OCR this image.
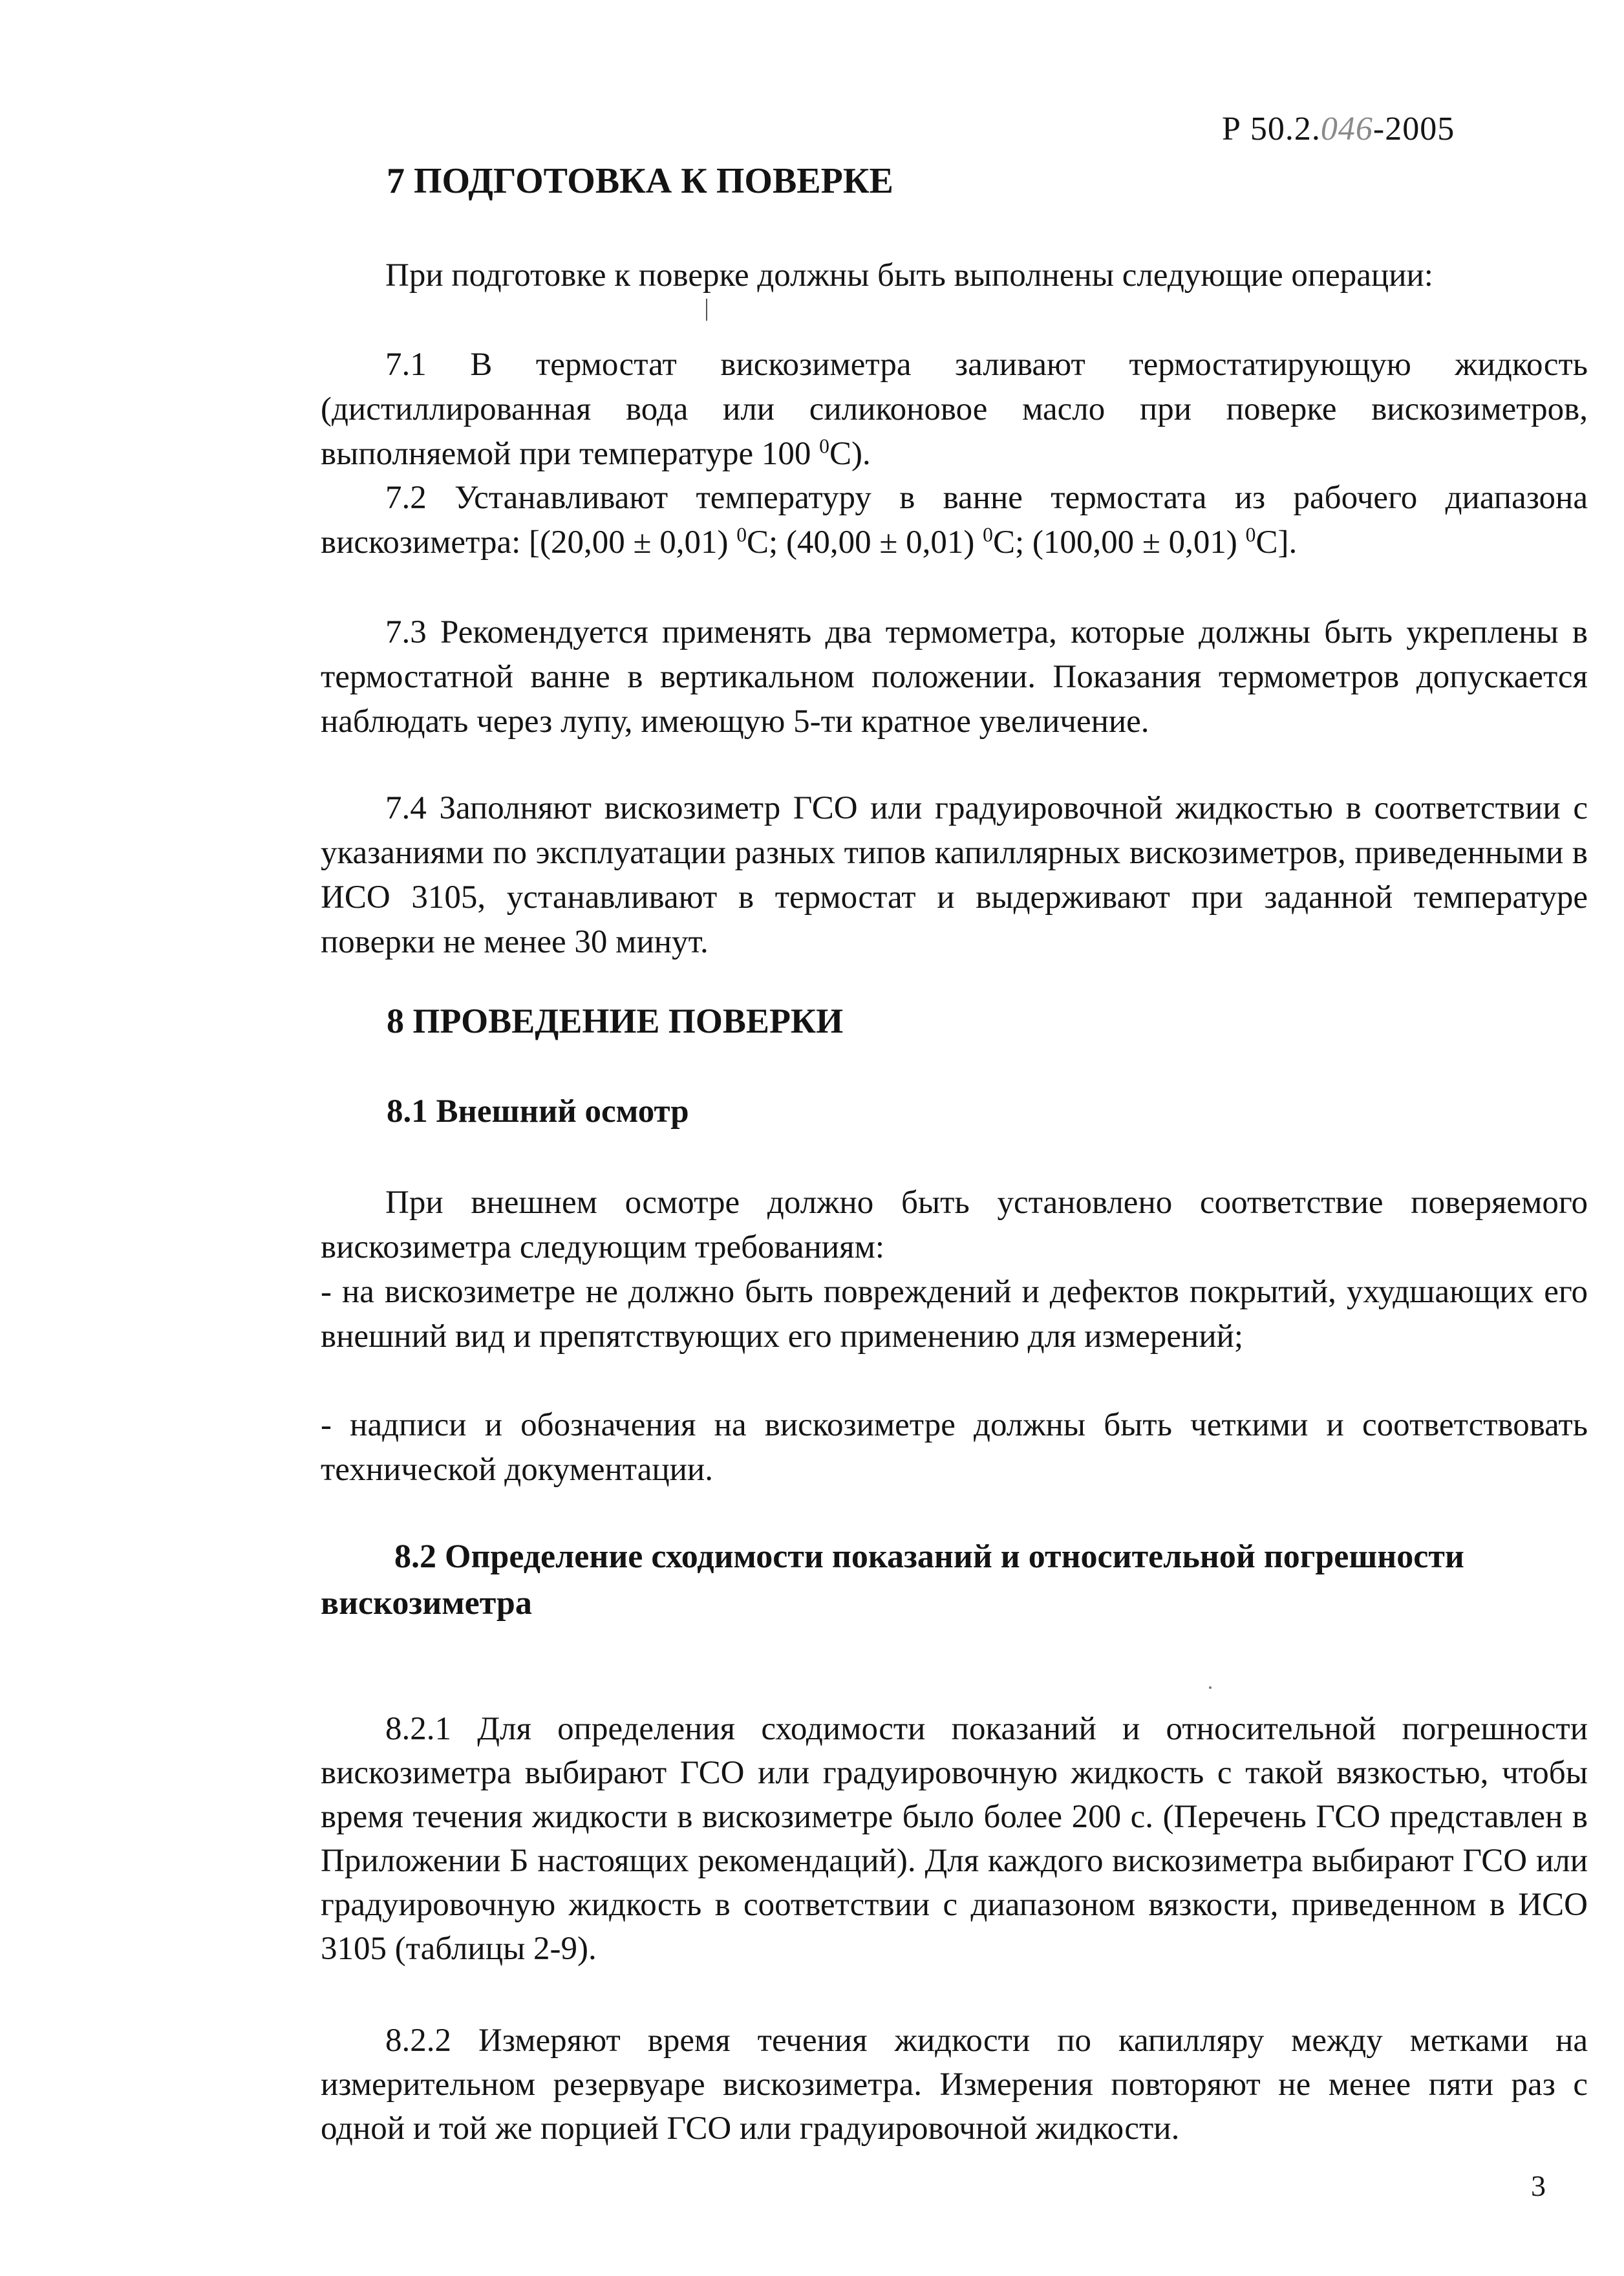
Р 50.2.046-2005
7 ПОДГОТОВКА К ПОВЕРКЕ

При подготовке к поверке должны быть выполнены следующие операции:

7.1 В термостат вискозиметра заливают термостатирующую жидкость (дистиллированная вода или силиконовое масло при поверке вискозиметров, выполняемой при температуре 100 $^0$С).

7.2 Устанавливают температуру в ванне термостата из рабочего диапазона вискозиметра: [(20,00 ± 0,01) $^0$С; (40,00 ± 0,01) $^0$С; (100,00 ± 0,01) $^0$С].

7.3 Рекомендуется применять два термометра, которые должны быть укреплены в термостатной ванне в вертикальном положении. Показания термометров допускается наблюдать через лупу, имеющую 5-ти кратное увеличение.

7.4 Заполняют вискозиметр ГСО или градуировочной жидкостью в соответствии с указаниями по эксплуатации разных типов капиллярных вискозиметров, приведенными в ИСО 3105, устанавливают в термостат и выдерживают при заданной температуре поверки не менее 30 минут.

8 ПРОВЕДЕНИЕ ПОВЕРКИ
8.1 Внешний осмотр

При внешнем осмотре должно быть установлено соответствие поверяемого вискозиметра следующим требованиям:

- на вискозиметре не должно быть повреждений и дефектов покрытий, ухудшающих его внешний вид и препятствующих его применению для измерений;

- надписи и обозначения на вискозиметре должны быть четкими и соответствовать технической документации.

8.2 Определение сходимости показаний и относительной погрешности вискозиметра

8.2.1 Для определения сходимости показаний и относительной погрешности вискозиметра выбирают ГСО или градуировочную жидкость с такой вязкостью, чтобы время течения жидкости в вискозиметре было более 200 с. (Перечень ГСО представлен в Приложении Б настоящих рекомендаций). Для каждого вискозиметра выбирают ГСО или градуировочную жидкость в соответствии с диапазоном вязкости, приведенном в ИСО 3105 (таблицы 2-9).

8.2.2 Измеряют время течения жидкости по капилляру между метками на измерительном резервуаре вискозиметра. Измерения повторяют не менее пяти раз с одной и той же порцией ГСО или градуировочной жидкости.

3
